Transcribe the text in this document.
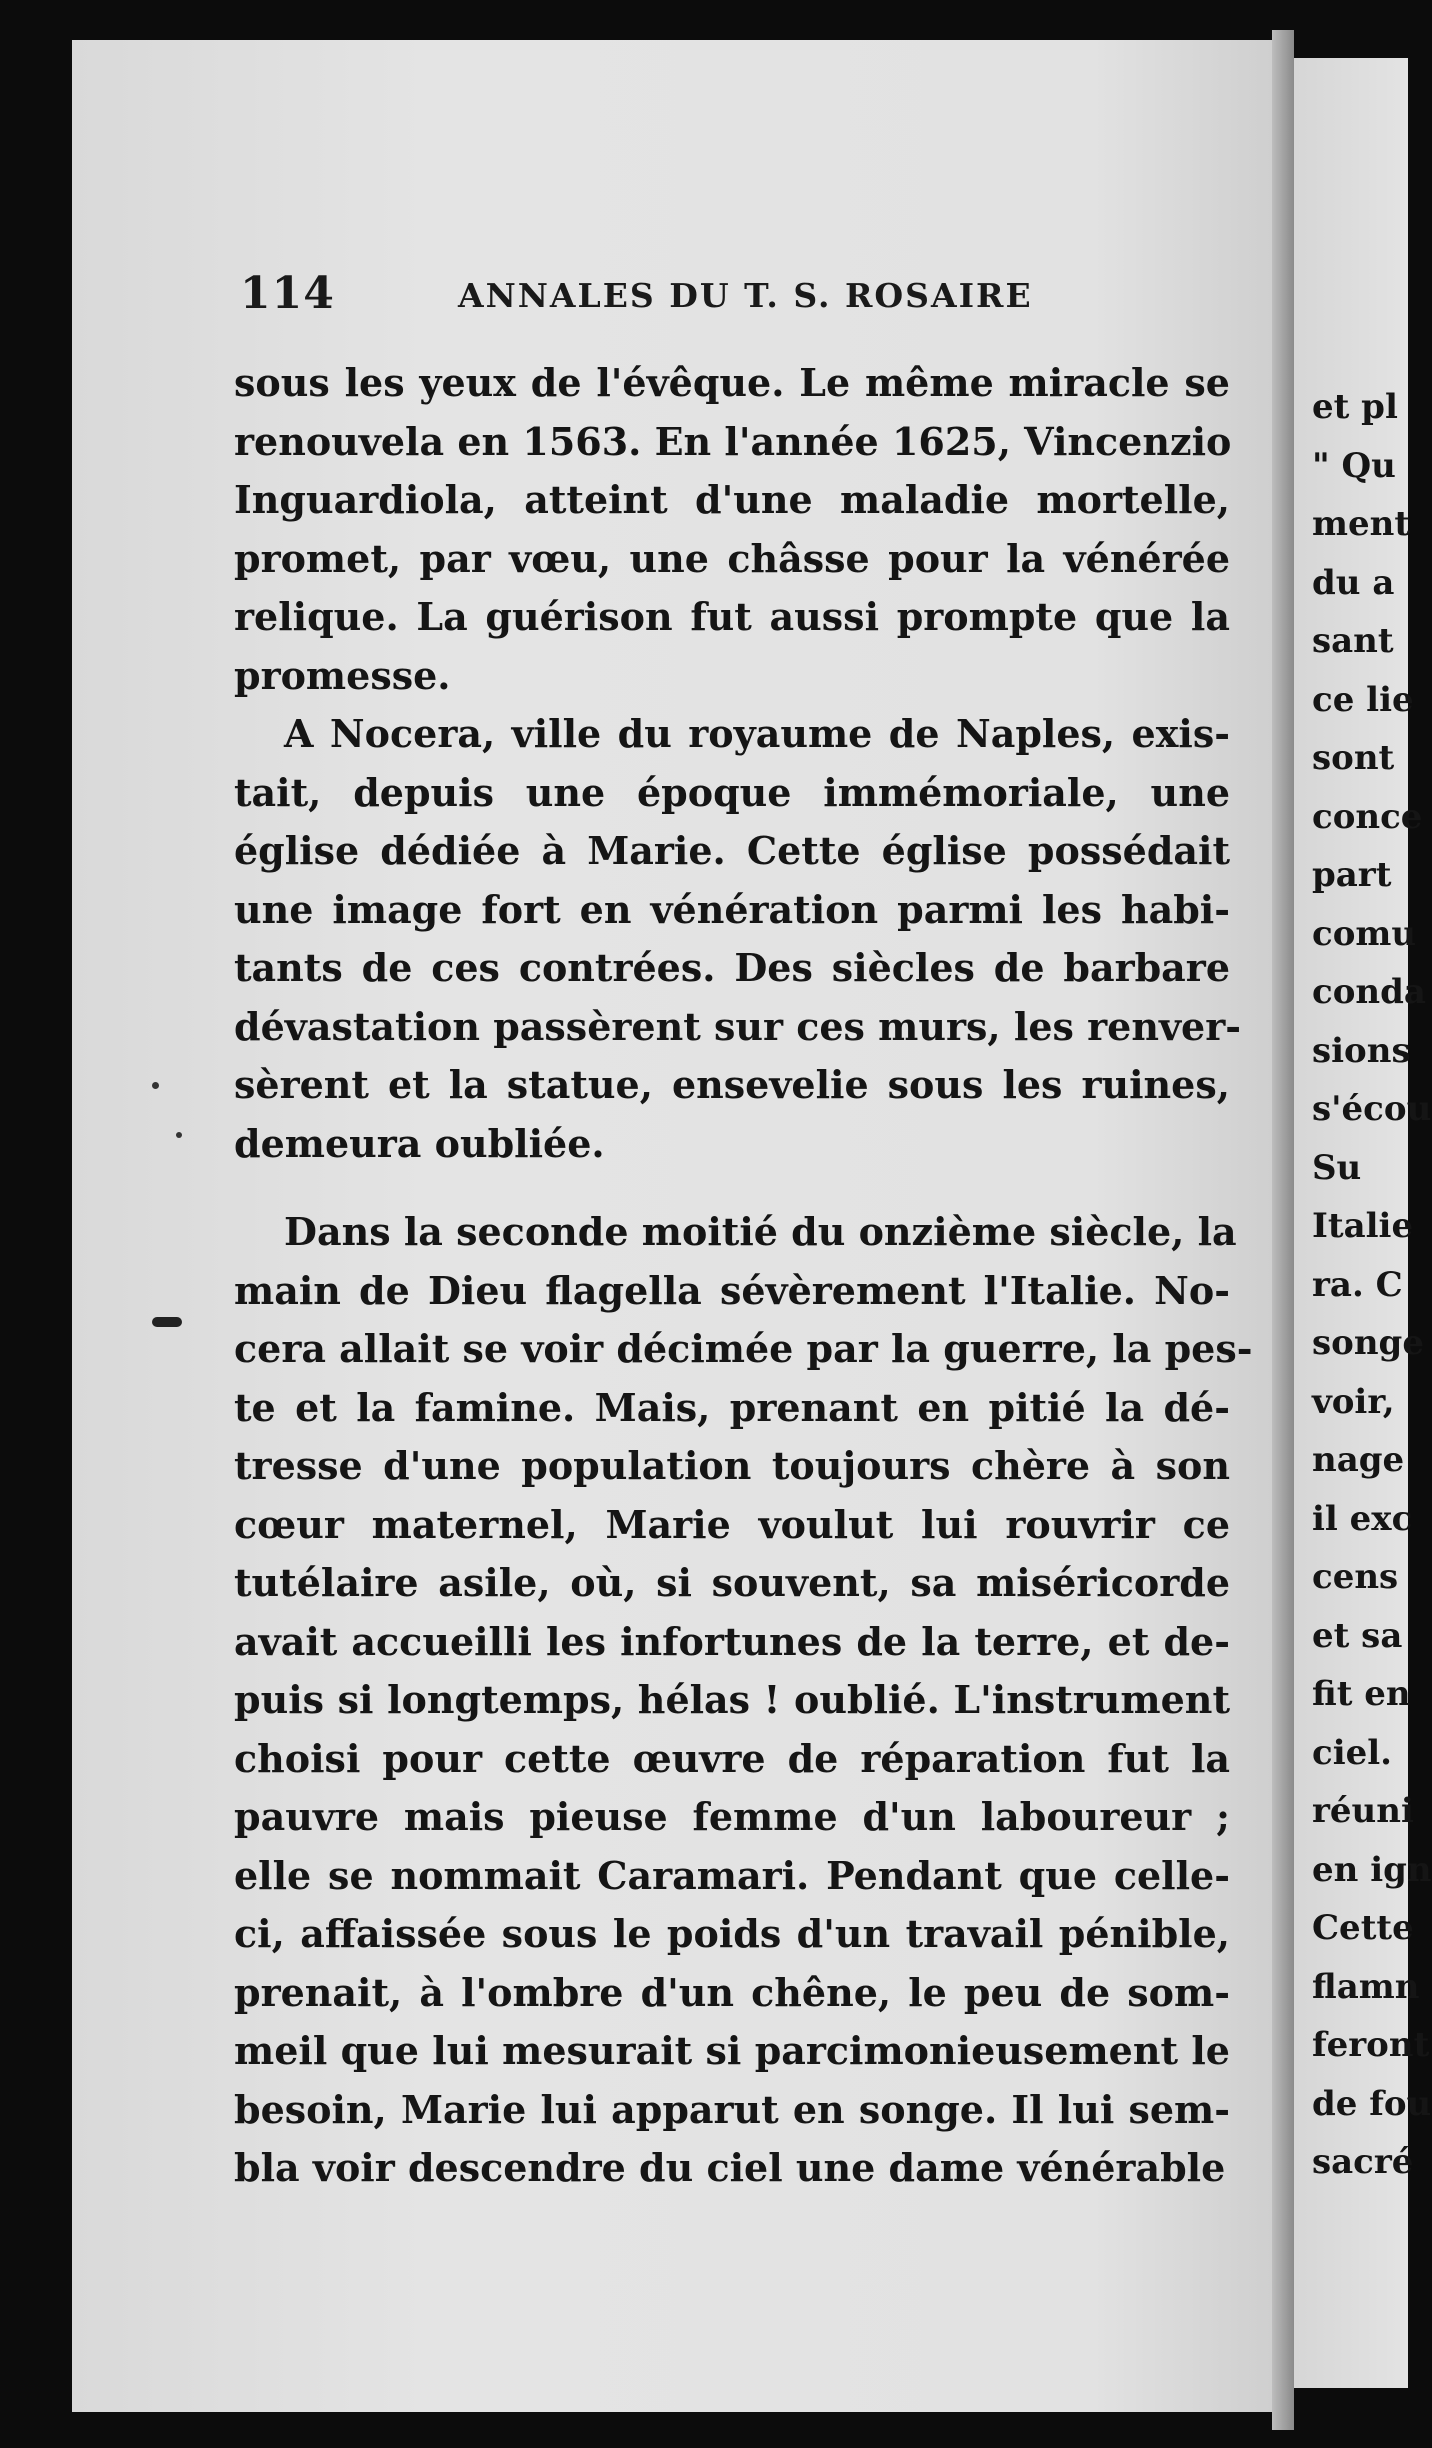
114	ANNALES DU T. S. ROSAIRE
sous les yeux de l'évêque. Le même miracle se
renouvela en 1563. En l'année 1625, Vincenzio
Inguardiola, atteint d'une maladie mortelle,
promet, par vœu, une châsse pour la vénérée
relique. La guérison fut aussi prompte que la
promesse.
A Nocera, ville du royaume de Naples, exis-
tait, depuis une époque immémoriale, une
église dédiée à Marie. Cette église possédait
une image fort en vénération parmi les habi-
tants de ces contrées. Des siècles de barbare
dévastation passèrent sur ces murs, les renver-
sèrent et la statue, ensevelie sous les ruines,
demeura oubliée.
Dans la seconde moitié du onzième siècle, la
main de Dieu flagella sévèrement l'Italie. No-
cera allait se voir décimée par la guerre, la pes-
te et la famine. Mais, prenant en pitié la dé-
tresse d'une population toujours chère à son
cœur maternel, Marie voulut lui rouvrir ce
tutélaire asile, où, si souvent, sa miséricorde
avait accueilli les infortunes de la terre, et de-
puis si longtemps, hélas ! oublié. L'instrument
choisi pour cette œuvre de réparation fut la
pauvre mais pieuse femme d'un laboureur ;
elle se nommait Caramari. Pendant que celle-
ci, affaissée sous le poids d'un travail pénible,
prenait, à l'ombre d'un chêne, le peu de som-
meil que lui mesurait si parcimonieusement le
besoin, Marie lui apparut en songe. Il lui sem-
bla voir descendre du ciel une dame vénérable
et pl
" Qu
ment
du a
sant
ce lie
sont
conce
part
comu
conda
sions
s'écou
Su
Italie
ra. C
songe
voir,
nage
il exc
cens
et sa
fit en
ciel.
réuni
en ign
Cette
flamn
feront
de fou
sacré
